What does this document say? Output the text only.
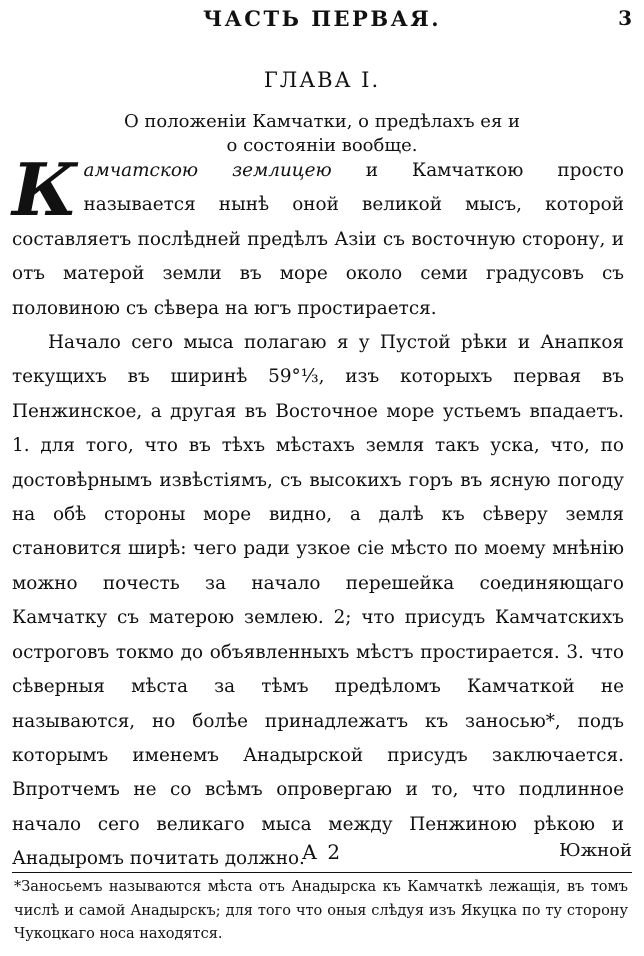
ЧАСТЬ ПЕРВАЯ.	3
ГЛАВА I.
О положенiи Камчатки, о предѣлахъ ея и
о состоянiи вообще.

Камчатскою землицею и Камчаткою просто называется нынѣ оной великой мысъ, которой составляетъ послѣдней предѣлъ Азiи съ восточную сторону, и отъ матерой земли въ море около семи градусовъ съ половиною съ сѣвера на югъ простирается.

Начало сего мыса полагаю я у Пустой рѣки и Анапкоя текущихъ въ ширинѣ 59°⅓, изъ которыхъ первая въ Пенжинское, а другая въ Восточное море устьемъ впадаетъ. 1. для того, что въ тѣхъ мѣстахъ земля такъ уска, что, по достовѣрнымъ извѣстiямъ, съ высокихъ горъ въ ясную погоду на обѣ стороны море видно, а далѣ къ сѣверу земля становится ширѣ: чего ради узкое сiе мѣсто по моему мнѣнiю можно почесть за начало перешейка соединяющаго Камчатку съ матерою землею. 2; что присудъ Камчатскихъ остроговъ токмо до объявленныхъ мѣстъ простирается. 3. что сѣверныя мѣста за тѣмъ предѣломъ Камчаткой не называются, но болѣе принадлежатъ къ заносью*, подъ которымъ именемъ Анадырской присудъ заключается. Впротчемъ не со всѣмъ опровергаю и то, что подлинное начало сего великаго мыса между Пенжиною рѣкою и Анадыромъ почитать должно.

А 2	Южной
*Заносьемъ называются мѣста отъ Анадырска къ Камчаткѣ лежащiя, въ томъ числѣ и самой Анадырскъ; для того что оныя слѣдуя изъ Якуцка по ту сторону Чукоцкаго носа находятся.
